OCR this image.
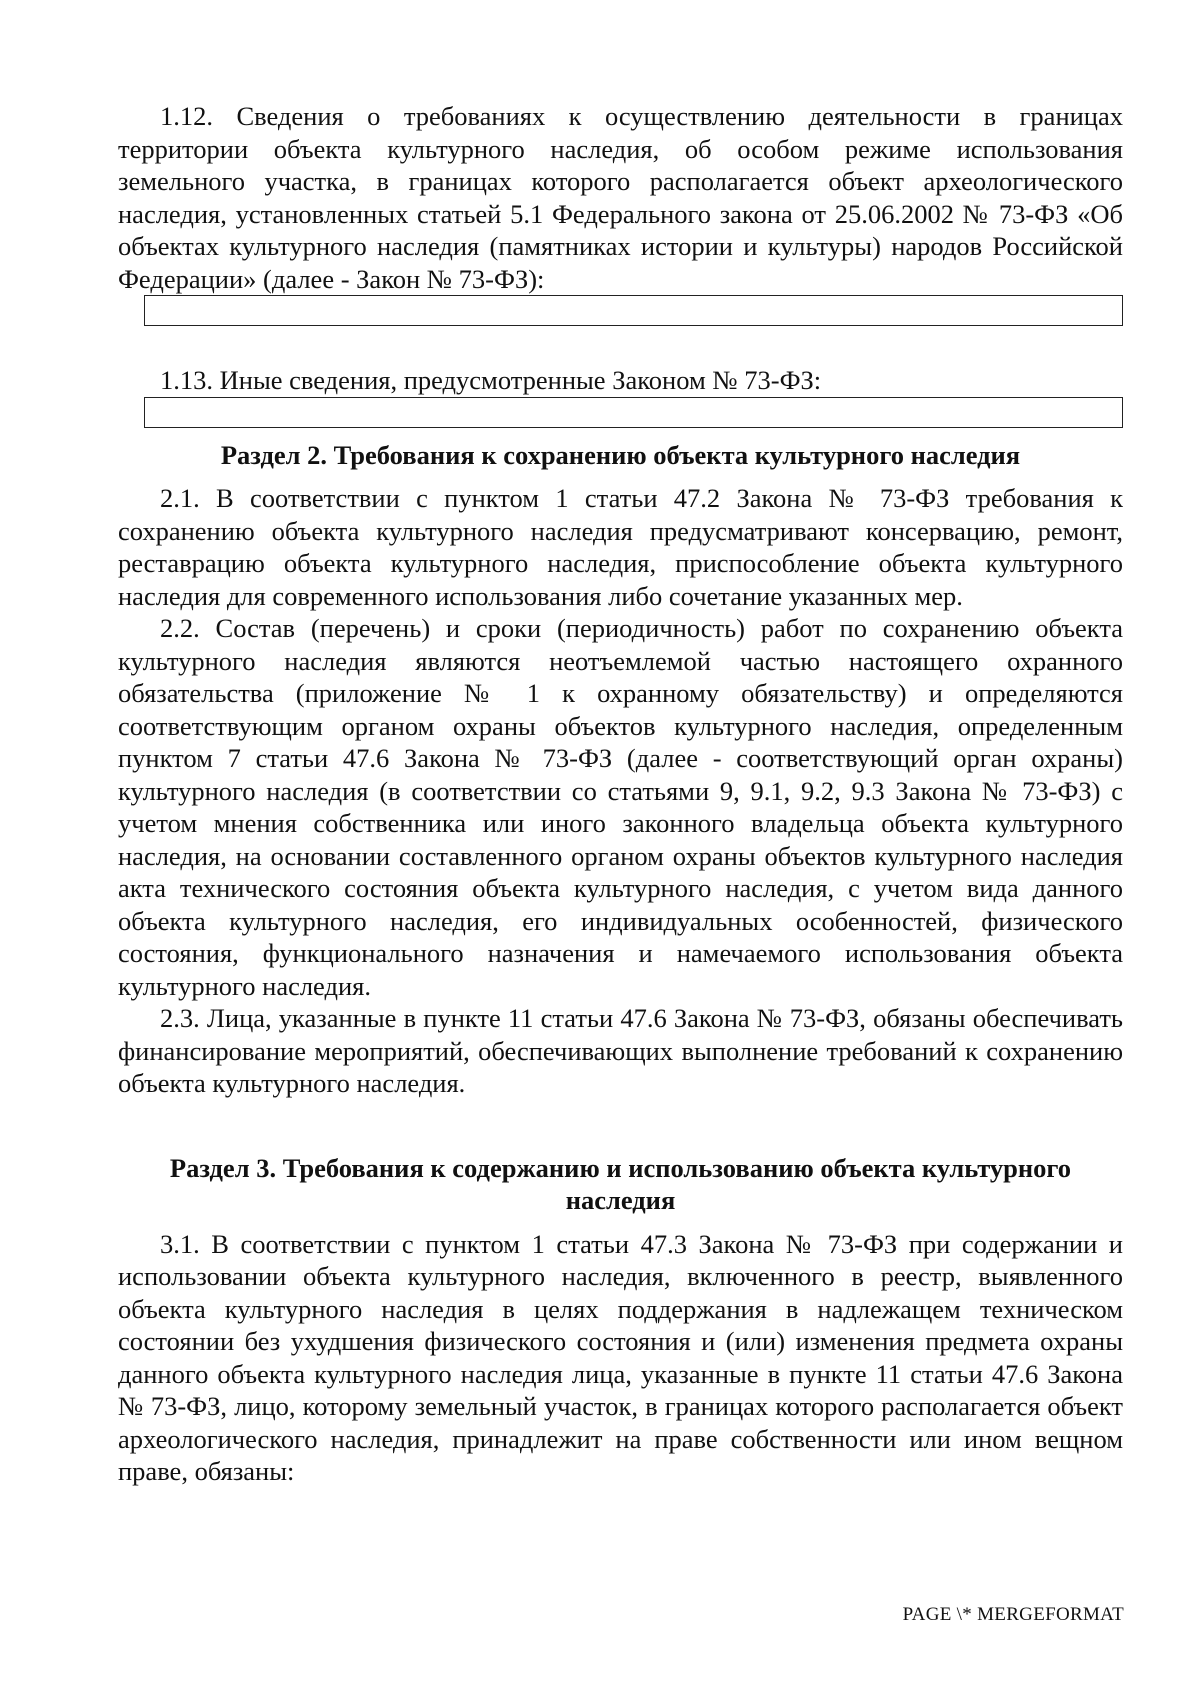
1.12. Сведения о требованиях к осуществлению деятельности в границах территории объекта культурного наследия, об особом режиме использования земельного участка, в границах которого располагается объект археологического наследия, установленных статьей 5.1 Федерального закона от 25.06.2002 № 73-ФЗ «Об объектах культурного наследия (памятниках истории и культуры) народов Российской Федерации» (далее - Закон № 73-ФЗ):

1.13. Иные сведения, предусмотренные Законом № 73-ФЗ:

Раздел 2. Требования к сохранению объекта культурного наследия

2.1. В соответствии с пунктом 1 статьи 47.2 Закона № 73-ФЗ требования к сохранению объекта культурного наследия предусматривают консервацию, ремонт, реставрацию объекта культурного наследия, приспособление объекта культурного наследия для современного использования либо сочетание указанных мер.

2.2. Состав (перечень) и сроки (периодичность) работ по сохранению объекта культурного наследия являются неотъемлемой частью настоящего охранного обязательства (приложение № 1 к охранному обязательству) и определяются соответствующим органом охраны объектов культурного наследия, определенным пунктом 7 статьи 47.6 Закона № 73-ФЗ (далее - соответствующий орган охраны) культурного наследия (в соответствии со статьями 9, 9.1, 9.2, 9.3 Закона № 73-ФЗ) с учетом мнения собственника или иного законного владельца объекта культурного наследия, на основании составленного органом охраны объектов культурного наследия акта технического состояния объекта культурного наследия, с учетом вида данного объекта культурного наследия, его индивидуальных особенностей, физического состояния, функционального назначения и намечаемого использования объекта культурного наследия.

2.3. Лица, указанные в пункте 11 статьи 47.6 Закона № 73-ФЗ, обязаны обеспечивать финансирование мероприятий, обеспечивающих выполнение требований к сохранению объекта культурного наследия.

Раздел 3. Требования к содержанию и использованию объекта культурного
наследия

3.1. В соответствии с пунктом 1 статьи 47.3 Закона № 73-ФЗ при содержании и использовании объекта культурного наследия, включенного в реестр, выявленного объекта культурного наследия в целях поддержания в надлежащем техническом состоянии без ухудшения физического состояния и (или) изменения предмета охраны данного объекта культурного наследия лица, указанные в пункте 11 статьи 47.6 Закона № 73-ФЗ, лицо, которому земельный участок, в границах которого располагается объект археологического наследия, принадлежит на праве собственности или ином вещном праве, обязаны:

PAGE \* MERGEFORMAT
